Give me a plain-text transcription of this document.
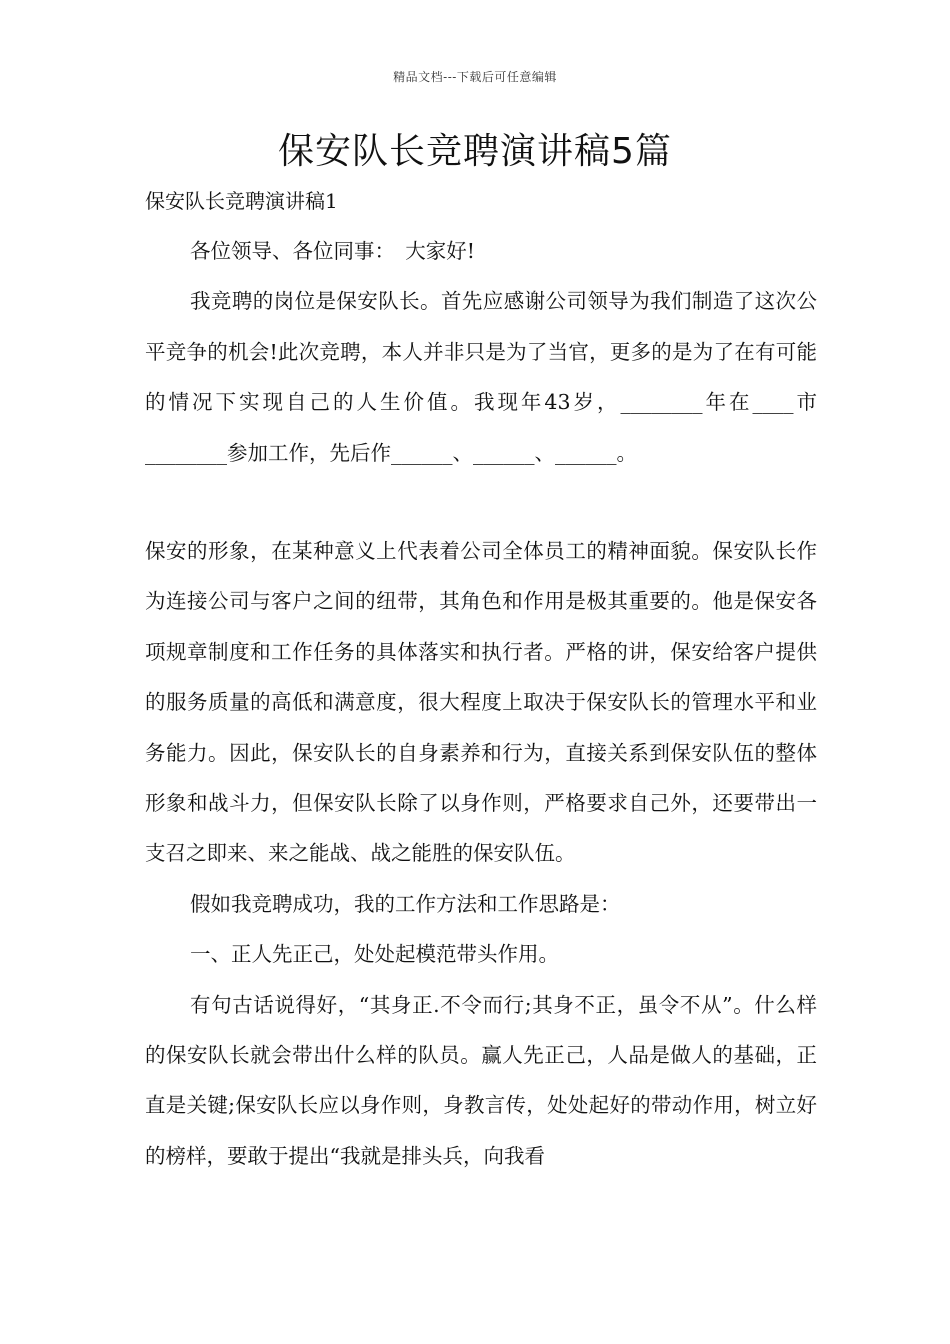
精品文档---下载后可任意编辑
保安队长竞聘演讲稿5篇
保安队长竞聘演讲稿1

各位领导、各位同事：　大家好!

我竞聘的岗位是保安队长。首先应感谢公司领导为我们制造了这次公平竞争的机会!此次竞聘，本人并非只是为了当官，更多的是为了在有可能的情况下实现自己的人生价值。我现年43岁，________年在____市________参加工作，先后作______、______、______。

保安的形象，在某种意义上代表着公司全体员工的精神面貌。保安队长作为连接公司与客户之间的纽带，其角色和作用是极其重要的。他是保安各项规章制度和工作任务的具体落实和执行者。严格的讲，保安给客户提供的服务质量的高低和满意度，很大程度上取决于保安队长的管理水平和业务能力。因此，保安队长的自身素养和行为，直接关系到保安队伍的整体形象和战斗力，但保安队长除了以身作则，严格要求自己外，还要带出一支召之即来、来之能战、战之能胜的保安队伍。

假如我竞聘成功，我的工作方法和工作思路是：

一、正人先正己，处处起模范带头作用。

有句古话说得好，“其身正.不令而行;其身不正，虽令不从”。什么样的保安队长就会带出什么样的队员。赢人先正己，人品是做人的基础，正直是关键;保安队长应以身作则，身教言传，处处起好的带动作用，树立好的榜样，要敢于提出“我就是排头兵，向我看
